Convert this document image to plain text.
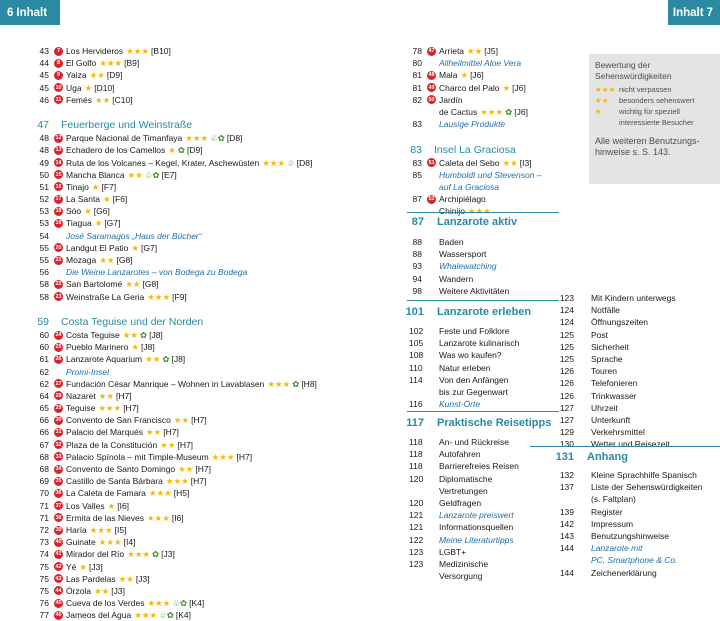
6 Inhalt	Inhalt 7
43	7 Los Hervideros ★★★ [B10]
44	8 El Golfo ★★★ [B9]
45	9 Yaiza ★★ [D9]
45 10 Uga ★ [D10]
46 11 Femés ★★ [C10]
47 Feuerberge und Weinstraße
48 12 Parque Nacional de Timanfaya ★★★ ♧✿ [D8]
48 13 Echadero de los Camellos ★ ✿ [D9]
49 14 Ruta de los Volcanes – Kegel, Krater, Aschewüsten ★★★ ♧ [D8]
50 15 Mancha Blanca ★★ ♧✿ [E7]
51 16 Tinajo ★ [F7]
52 17 La Santa ★ [F6]
53 18 Sóo ★ [G6]
53 19 Tiagua ★ [G7]
54 José Saramagos „Haus der Bücher“
55 20 Landgut El Patio ★ [G7]
55 21 Mozaga ★★ [G8]
56 Die Weine Lanzarotes – von Bodega zu Bodega
58 22 San Bartolomé ★★ [G8]
58 23 Weinstraße La Geria ★★★ [F9]
59 Costa Teguise und der Norden
60 24 Costa Teguise ★★ ✿ [J8]
60 25 Pueblo Marinero ★ [J8]
61 26 Lanzarote Aquarium ★★ ✿ [J8]
62 Promi-Insel
62 27 Fundación César Manrique – Wohnen in Lavablasen ★★★ ✿ [H8]
64 28 Nazaret ★★ [H7]
65 29 Teguise ★★★ [H7]
66 30 Convento de San Francisco ★★ [H7]
66 31 Palacio del Marqués ★★ [H7]
67 32 Plaza de la Constitución ★★ [H7]
68 33 Palacio Spínola – mit Timple-Museum ★★★ [H7]
68 34 Convento de Santo Domingo ★★ [H7]
69 35 Castillo de Santa Bárbara ★★★ [H7]
70 36 La Caleta de Famara ★★★ [H5]
71 37 Los Valles ★ [I6]
71 38 Ermita de las Nieves ★★★ [I6]
72 39 Haría ★★★ [I5]
73 40 Guinate ★★★ [I4]
74 41 Mirador del Río ★★★ ✿ [J3]
75 42 Yé ★ [J3]
75 43 Las Pardelas ★★ [J3]
75 44 Órzola ★★ [J3]
76 45 Cueva de los Verdes ★★★ ♧✿ [K4]
77 46 Jameos del Agua ★★★ ♧✿ [K4]
78 47 Arrieta ★★ [J5]
80 Allheilmittel Aloe Vera
81 48 Mala ★ [J6]
81 49 Charco del Palo ★ [J6]
82 50 Jardín
de Cactus ★★★ ✿ [J6]
83 Lausige Produkte
83 Insel La Graciosa
83 51 Caleta del Sebo ★★ [I3]
85 Humboldt und Stevenson –
auf La Graciosa
87 52 Archipiélago
Chinijo ★★★
87 Lanzarote aktiv
88 Baden
88 Wassersport
93 Whalewatching
94 Wandern
98 Weitere Aktivitäten
101 Lanzarote erleben
102 Feste und Folklore
105 Lanzarote kulinarisch
108 Was wo kaufen?
110 Natur erleben
114 Von den Anfängen
bis zur Gegenwart
116 Kunst-Orte
117 Praktische Reisetipps
118 An- und Rückreise
118 Autofahren
118 Barrierefreies Reisen
120 Diplomatische
Vertretungen
120 Geldfragen
121 Lanzarote preiswert
121 Informationsquellen
122 Meine Literaturtipps
123 LGBT+
123 Medizinische
Versorgung
123 Mit Kindern unterwegs
124 Notfälle
124 Öffnungszeiten
125 Post
125 Sicherheit
125 Sprache
126 Touren
126 Telefonieren
126 Trinkwasser
127 Uhrzeit
127 Unterkunft
129 Verkehrsmittel
130 Wetter und Reisezeit
131 Anhang
132 Kleine Sprachhilfe Spanisch
137 Liste der Sehenswürdigkeiten
(s. Faltplan)
139 Register
142 Impressum
143 Benutzungshinweise
144 Lanzarote mit
PC, Smartphone & Co.
144 Zeichenerklärung
Bewertung der
Sehenswürdigkeiten
★★★ nicht verpassen
★★	besonders sehenswert
★	wichtig für speziell
interessierte Besucher
Alle weiteren Benutzungs-
hinweise s. S. 143.
